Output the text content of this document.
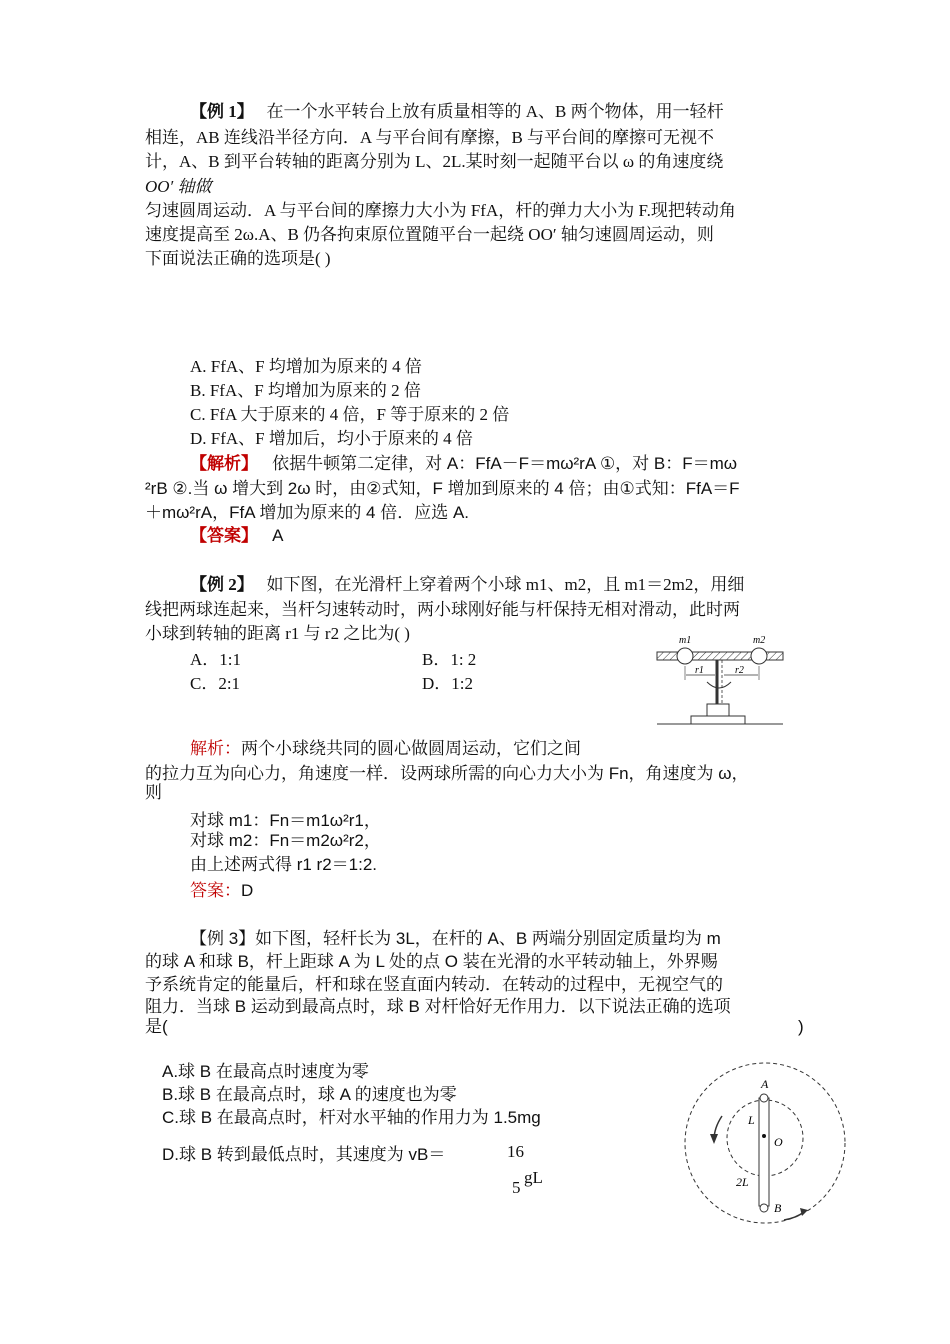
【例 1】 在一个水平转台上放有质量相等的 A、B 两个物体，用一轻杆
相连，AB 连线沿半径方向．A 与平台间有摩擦，B 与平台间的摩擦可无视不
计，A、B 到平台转轴的距离分别为 L、2L.某时刻一起随平台以 ω 的角速度绕
OO′ 轴做
匀速圆周运动．A 与平台间的摩擦力大小为 FfA，杆的弹力大小为 F.现把转动角
速度提高至 2ω.A、B 仍各拘束原位置随平台一起绕 OO′ 轴匀速圆周运动，则
下面说法正确的选项是( )
A. FfA、F 均增加为原来的 4 倍
B. FfA、F 均增加为原来的 2 倍
C. FfA 大于原来的 4 倍，F 等于原来的 2 倍
D. FfA、F 增加后，均小于原来的 4 倍
【解析】 依据牛顿第二定律，对 A：FfA－F＝mω²rA ①，对 B：F＝mω
²rB ②.当 ω 增大到 2ω 时，由②式知，F 增加到原来的 4 倍；由①式知：FfA＝F
＋mω²rA，FfA 增加为原来的 4 倍．应选 A.
【答案】 A
【例 2】 如下图，在光滑杆上穿着两个小球 m1、m2，且 m1＝2m2，用细
线把两球连起来，当杆匀速转动时，两小球刚好能与杆保持无相对滑动，此时两
小球到转轴的距离 r1 与 r2 之比为( )
A．1:1	B．1: 2
C．2:1	D．1:2
m1	m2
r1	r2
解析：两个小球绕共同的圆心做圆周运动，它们之间
的拉力互为向心力，角速度一样．设两球所需的向心力大小为 Fn，角速度为 ω，
则
对球 m1：Fn＝m1ω²r1，
对球 m2：Fn＝m2ω²r2，
由上述两式得 r1 r2＝1:2.
答案：D
【例 3】如下图，轻杆长为 3L，在杆的 A、B 两端分别固定质量均为 m
的球 A 和球 B，杆上距球 A 为 L 处的点 O 装在光滑的水平转动轴上，外界赐
予系统肯定的能量后，杆和球在竖直面内转动．在转动的过程中，无视空气的
阻力．当球 B 运动到最高点时，球 B 对杆恰好无作用力．以下说法正确的选项
是(	)
A.球 B 在最高点时速度为零
B.球 B 在最高点时，球 A 的速度也为零
C.球 B 在最高点时，杆对水平轴的作用力为 1.5mg
D.球 B 转到最低点时，其速度为 vB＝	16
5
gL
A
L
O
2L
B
